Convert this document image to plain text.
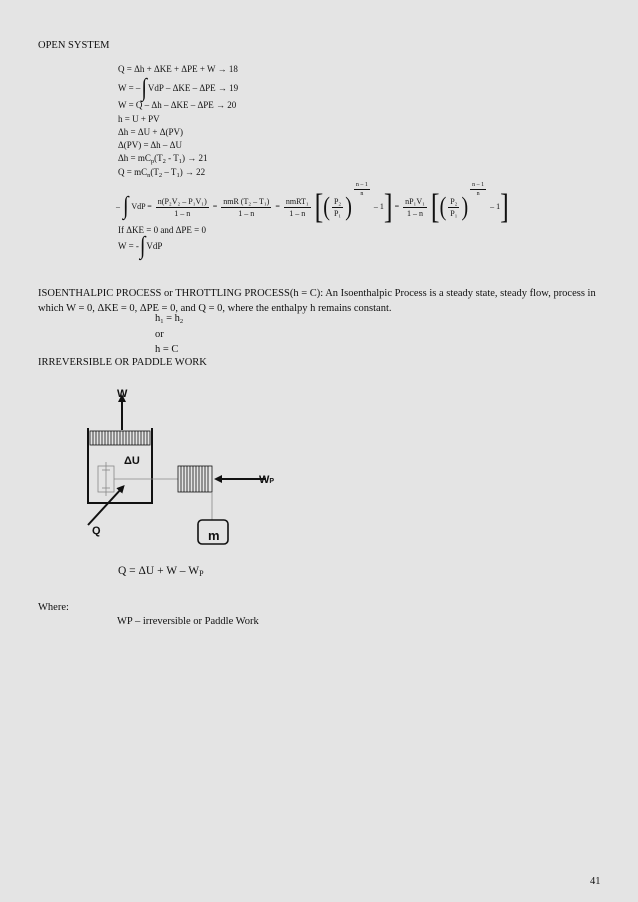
OPEN SYSTEM
Q = Δh + ΔKE + ΔPE + W → 18
W = –∫VdP – ΔKE – ΔPE → 19
W = Q – Δh – ΔKE – ΔPE → 20
h = U + PV
Δh = ΔU + Δ(PV)
Δ(PV) = Δh – ΔU
$\Delta h = mC_p(T_2 - T_1) \to 21$
$Q = mC_n(T_2 - T_1) \to 22$
– ∫ VdP = $\frac{\text{n(P₂V₂ – P₁V₁)}}{1 - n} = \frac{\text{nmR (T₂ – T₁)}}{1 - n} = \frac{\text{nmRT₁}}{1 - n}$ [( $\frac{\text{P₂}}{\text{P₁}}$ )
$\frac{n - 1}{n}$
– $1] = \frac{\text{nP₁V₁}}{1 - n}$ [( $\frac{\text{P₂}}{\text{P₁}}$ )
$\frac{n - 1}{n}$
– 1]
If ΔKE = 0 and ΔPE = 0
W = -∫VdP
ISOENTHALPIC PROCESS or THROTTLING PROCESS(h = C): An Isoenthalpic Process is a steady state, steady flow, process in which W = 0, ΔKE = 0, ΔPE = 0, and Q = 0, where the enthalpy h remains constant.
$h_1 = h_2$
or
h = C
IRREVERSIBLE OR PADDLE WORK
W
ΔU
WP
Q	m
$Q = \Delta U + W - W_P$
Where:
WP – irreversible or Paddle Work
41
